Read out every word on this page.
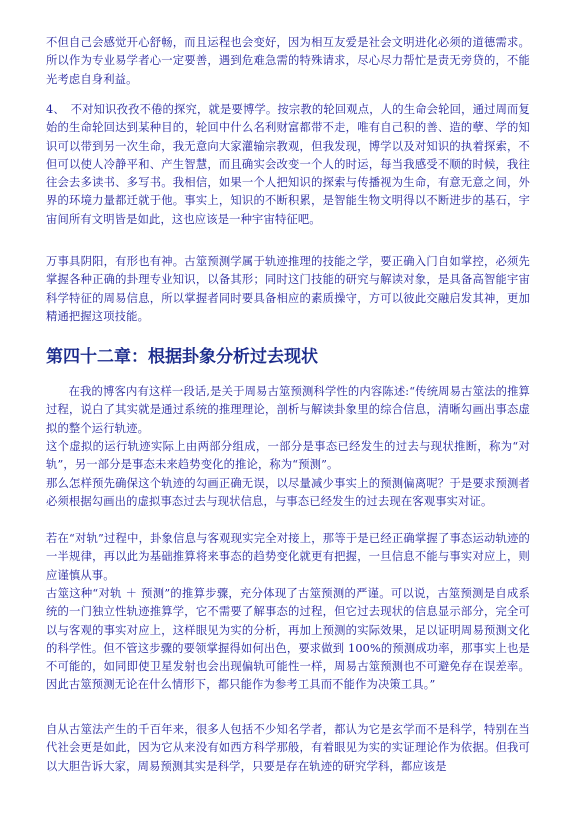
不但自己会感觉开心舒畅，而且运程也会变好，因为相互友爱是社会文明进化必须的道德需求。所以作为专业易学者心一定要善，遇到危难急需的特殊请求，尽心尽力帮忙是责无旁贷的，不能光考虑自身利益。

4、　不对知识孜孜不倦的探究，就是要博学。按宗教的轮回观点，人的生命会轮回，通过周而复始的生命轮回达到某种目的，轮回中什么名利财富都带不走，唯有自己积的善、造的孽、学的知识可以带到另一次生命，我无意向大家灌输宗教观，但我发现，博学以及对知识的执着探索，不但可以使人冷静平和、产生智慧，而且确实会改变一个人的时运，每当我感受不顺的时候，我往往会去多读书、多写书。我相信，如果一个人把知识的探索与传播视为生命，有意无意之间，外界的环境力量都迁就于他。事实上，知识的不断积累，是智能生物文明得以不断进步的基石，宇宙间所有文明皆是如此，这也应该是一种宇宙特征吧。

万事具阴阳，有形也有神。古筮预测学属于轨迹推理的技能之学，要正确入门自如掌控，必须先掌握各种正确的卦理专业知识，以备其形；同时这门技能的研究与解读对象，是具备高智能宇宙科学特征的周易信息，所以掌握者同时要具备相应的素质操守，方可以彼此交融启发其神，更加精通把握这项技能。

第四十二章：根据卦象分析过去现状

在我的博客内有这样一段话,是关于周易古筮预测科学性的内容陈述:“传统周易古筮法的推算过程，说白了其实就是通过系统的推理理论，剖析与解读卦象里的综合信息，清晰勾画出事态虚拟的整个运行轨迹。

这个虚拟的运行轨迹实际上由两部分组成，一部分是事态已经发生的过去与现状推断，称为“对轨”，另一部分是事态未来趋势变化的推论，称为“预测”。

那么怎样预先确保这个轨迹的勾画正确无误，以尽量减少事实上的预测偏离呢？于是要求预测者必须根据勾画出的虚拟事态过去与现状信息，与事态已经发生的过去现在客观事实对证。

若在“对轨”过程中，卦象信息与客观现实完全对接上，那等于是已经正确掌握了事态运动轨迹的一半规律，再以此为基础推算将来事态的趋势变化就更有把握，一旦信息不能与事实对应上，则应谨慎从事。

古筮这种“对轨 ＋ 预测”的推算步骤，充分体现了古筮预测的严谨。可以说，古筮预测是自成系统的一门独立性轨迹推算学，它不需要了解事态的过程，但它过去现状的信息显示部分，完全可以与客观的事实对应上，这样眼见为实的分析，再加上预测的实际效果，足以证明周易预测文化的科学性。但不管这步骤的要领掌握得如何出色，要求做到 100%的预测成功率，那事实上也是不可能的，如同即使卫星发射也会出现偏轨可能性一样，周易古筮预测也不可避免存在误差率。因此古筮预测无论在什么情形下，都只能作为参考工具而不能作为决策工具。”

自从古筮法产生的千百年来，很多人包括不少知名学者，都认为它是玄学而不是科学，特别在当代社会更是如此，因为它从来没有如西方科学那般，有着眼见为实的实证理论作为依据。但我可以大胆告诉大家，周易预测其实是科学，只要是存在轨迹的研究学科，都应该是
